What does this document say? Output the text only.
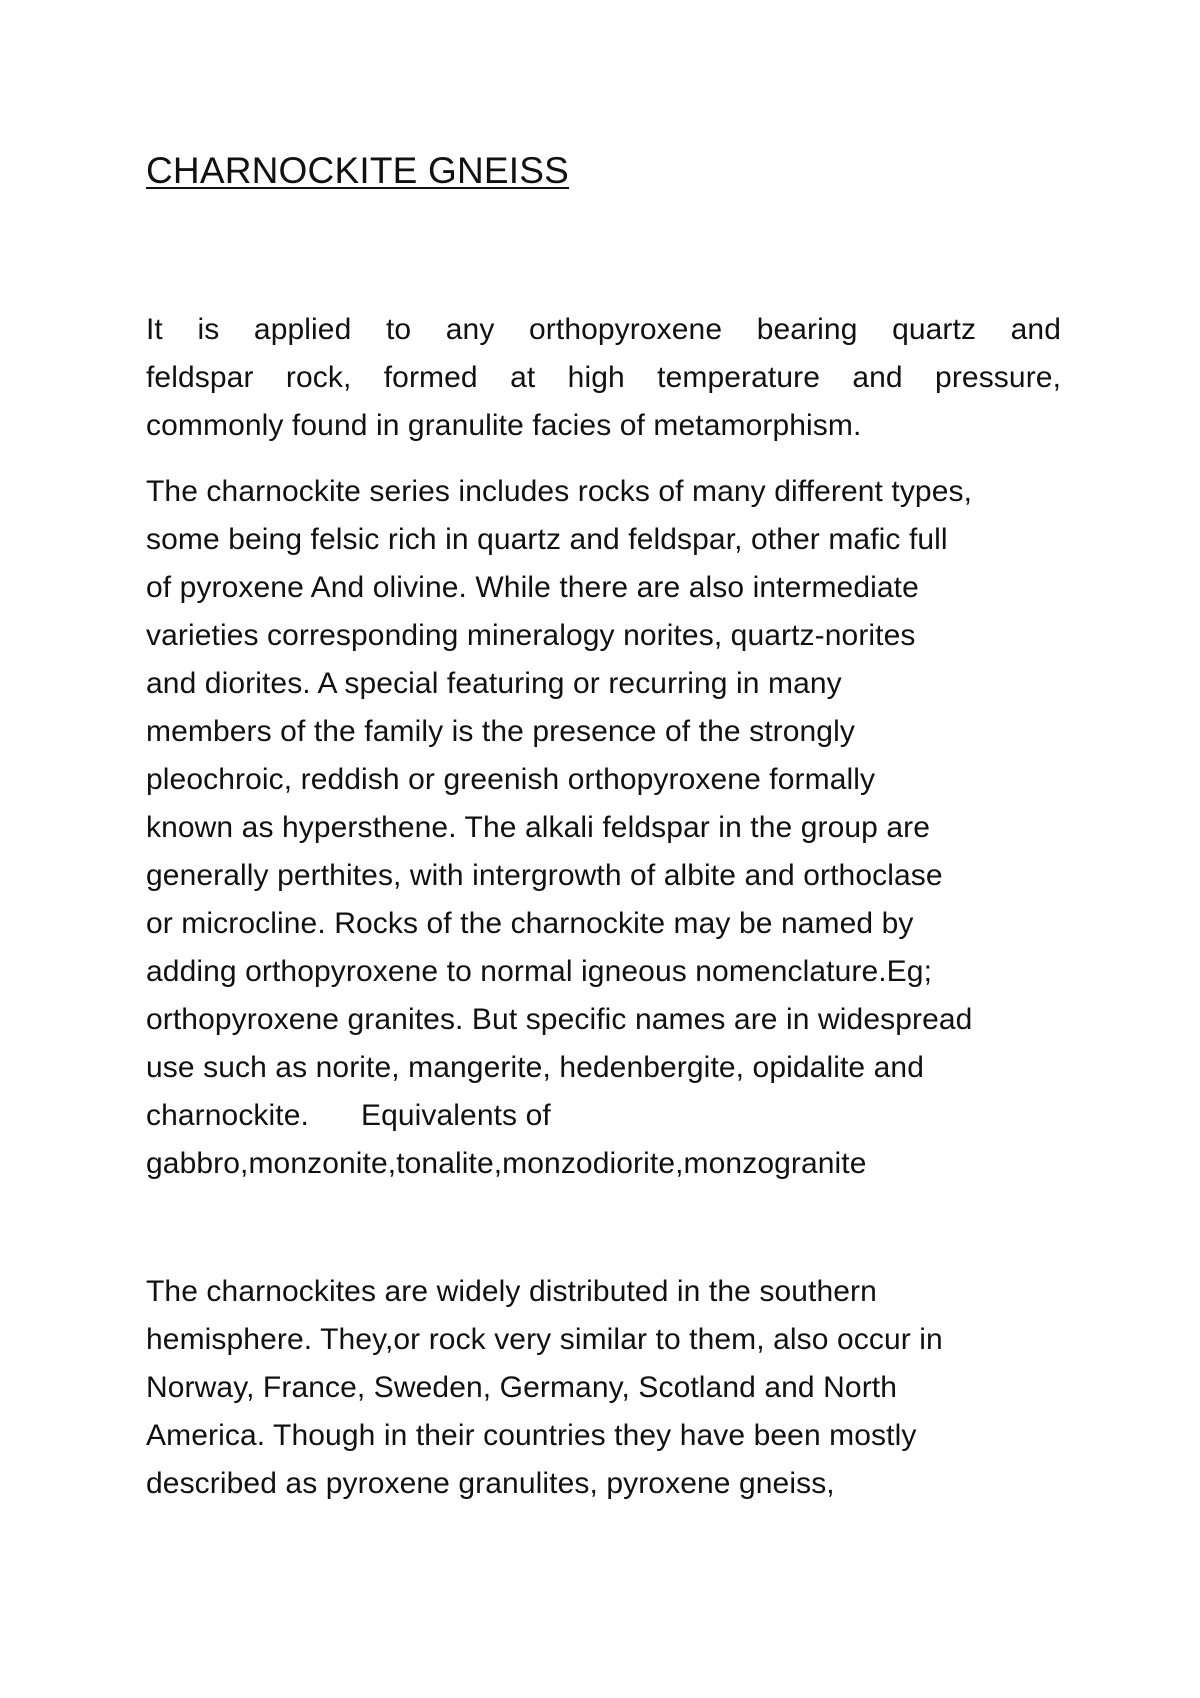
CHARNOCKITE GNEISS

It is applied to any orthopyroxene bearing quartz and
feldspar rock, formed at high temperature and pressure,
commonly found in granulite facies of metamorphism.

The charnockite series includes rocks of many different types,
some being felsic rich in quartz and feldspar, other mafic full
of pyroxene And olivine. While there are also intermediate
varieties corresponding mineralogy norites, quartz-norites
and diorites. A special featuring or recurring in many
members of the family is the presence of the strongly
pleochroic, reddish or greenish orthopyroxene formally
known as hypersthene. The alkali feldspar in the group are
generally perthites, with intergrowth of albite and orthoclase
or microcline. Rocks of the charnockite may be named by
adding orthopyroxene to normal igneous nomenclature.Eg;
orthopyroxene granites. But specific names are in widespread
use such as norite, mangerite, hedenbergite, opidalite and
charnockite. Equivalents of
gabbro,monzonite,tonalite,monzodiorite,monzogranite

The charnockites are widely distributed in the southern
hemisphere. They,or rock very similar to them, also occur in
Norway, France, Sweden, Germany, Scotland and North
America. Though in their countries they have been mostly
described as pyroxene granulites, pyroxene gneiss,
